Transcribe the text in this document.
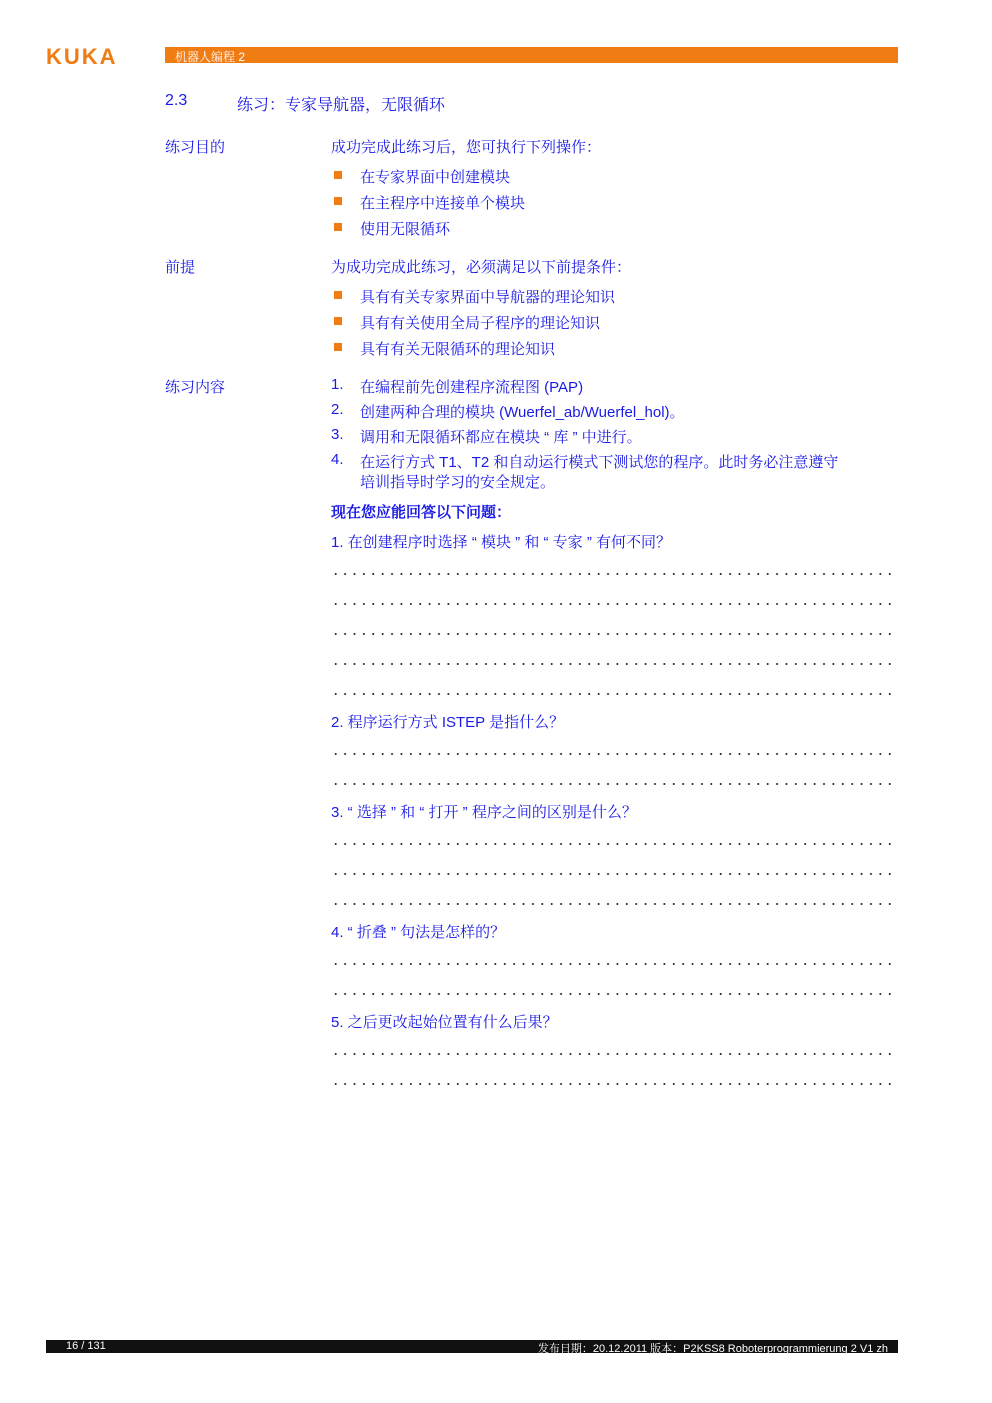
KUKA	机器人编程 2
2.3	练习：专家导航器，无限循环
练习目的	成功完成此练习后，您可执行下列操作：
在专家界面中创建模块
在主程序中连接单个模块
使用无限循环
前提	为成功完成此练习，必须满足以下前提条件：
具有有关专家界面中导航器的理论知识
具有有关使用全局子程序的理论知识
具有有关无限循环的理论知识
练习内容	1. 在编程前先创建程序流程图 (PAP)
2. 创建两种合理的模块 (Wuerfel_ab/Wuerfel_hol)。
3. 调用和无限循环都应在模块 “ 库 ” 中进行。
4. 在运行方式 T1、T2 和自动运行模式下测试您的程序。此时务必注意遵守
培训指导时学习的安全规定。
现在您应能回答以下问题：
1. 在创建程序时选择 “ 模块 ” 和 “ 专家 ” 有何不同？
2. 程序运行方式 ISTEP 是指什么？
3. “ 选择 ” 和 “ 打开 ” 程序之间的区别是什么？
4. “ 折叠 ” 句法是怎样的？
5. 之后更改起始位置有什么后果？
16 / 131	发布日期：20.12.2011 版本：P2KSS8 Roboterprogrammierung 2 V1 zh
